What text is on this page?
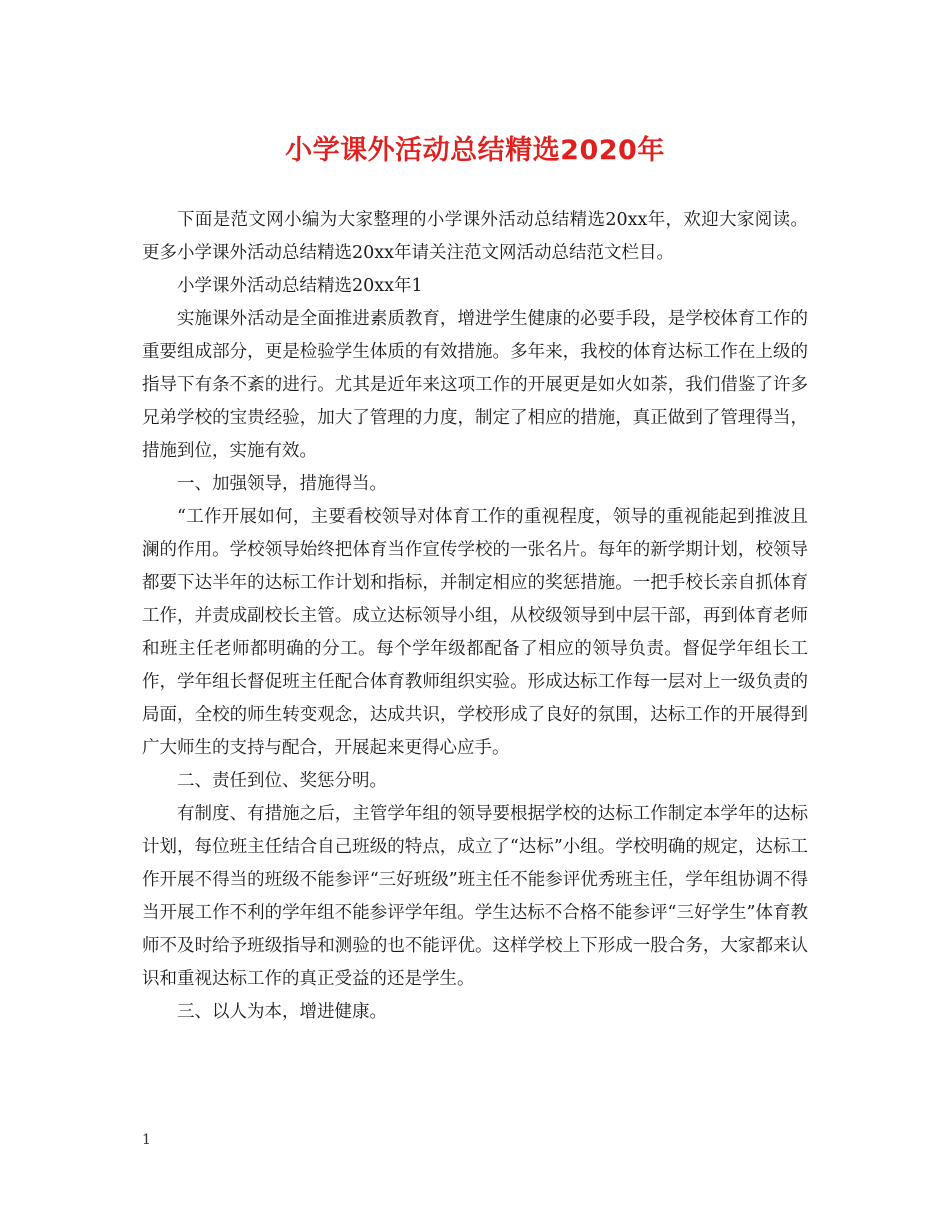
小学课外活动总结精选2020年

下面是范文网小编为大家整理的小学课外活动总结精选20xx年，欢迎大家阅读。更多小学课外活动总结精选20xx年请关注范文网活动总结范文栏目。

小学课外活动总结精选20xx年1

实施课外活动是全面推进素质教育，增进学生健康的必要手段，是学校体育工作的重要组成部分，更是检验学生体质的有效措施。多年来，我校的体育达标工作在上级的指导下有条不紊的进行。尤其是近年来这项工作的开展更是如火如荼，我们借鉴了许多兄弟学校的宝贵经验，加大了管理的力度，制定了相应的措施，真正做到了管理得当，措施到位，实施有效。

一、加强领导，措施得当。

“工作开展如何，主要看校领导对体育工作的重视程度，领导的重视能起到推波且澜的作用。学校领导始终把体育当作宣传学校的一张名片。每年的新学期计划，校领导都要下达半年的达标工作计划和指标，并制定相应的奖惩措施。一把手校长亲自抓体育工作，并责成副校长主管。成立达标领导小组，从校级领导到中层干部，再到体育老师和班主任老师都明确的分工。每个学年级都配备了相应的领导负责。督促学年组长工作，学年组长督促班主任配合体育教师组织实验。形成达标工作每一层对上一级负责的局面，全校的师生转变观念，达成共识，学校形成了良好的氛围，达标工作的开展得到广大师生的支持与配合，开展起来更得心应手。

二、责任到位、奖惩分明。

有制度、有措施之后，主管学年组的领导要根据学校的达标工作制定本学年的达标计划，每位班主任结合自己班级的特点，成立了“达标”小组。学校明确的规定，达标工作开展不得当的班级不能参评“三好班级”班主任不能参评优秀班主任，学年组协调不得当开展工作不利的学年组不能参评学年组。学生达标不合格不能参评“三好学生”体育教师不及时给予班级指导和测验的也不能评优。这样学校上下形成一股合务，大家都来认识和重视达标工作的真正受益的还是学生。

三、以人为本，增进健康。

1
